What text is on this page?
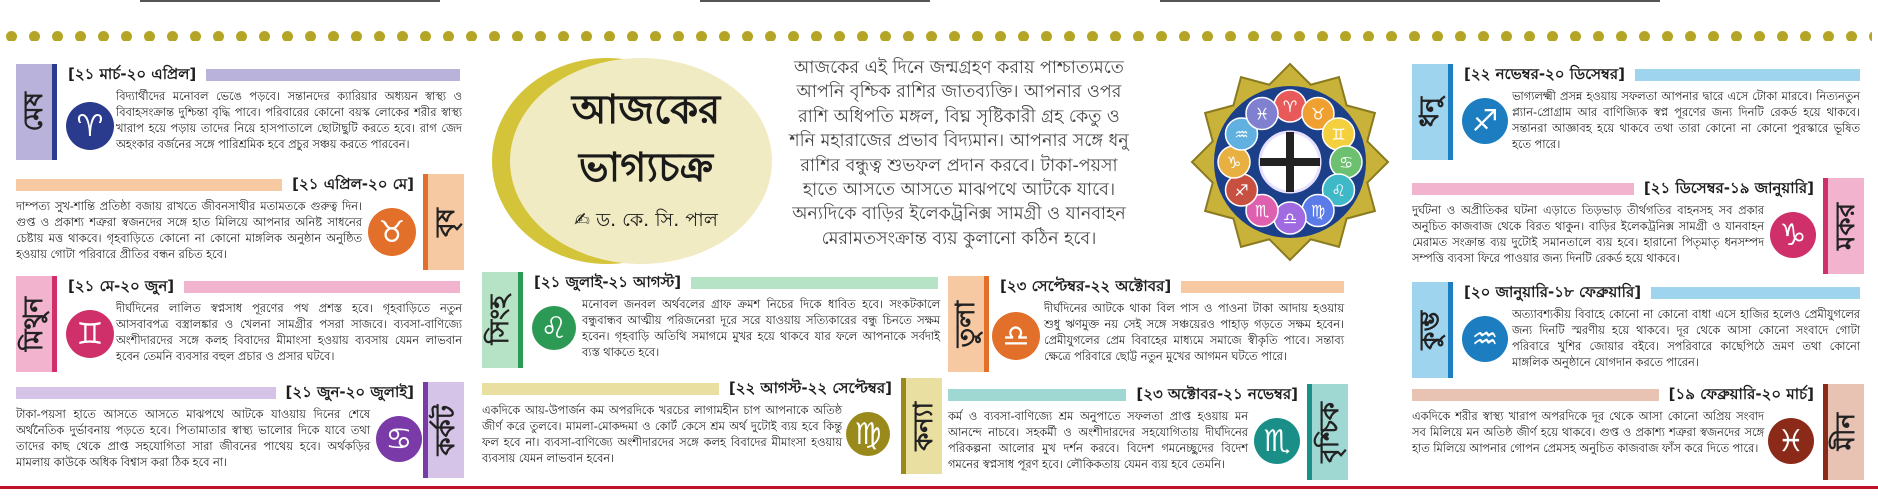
আজকের
ভাগ্যচক্র
✍ ড. কে. সি. পাল
আজকের এই দিনে জন্মগ্রহণ করায় পাশ্চাত্যমতে আপনি বৃশ্চিক রাশির জাতব্যক্তি। আপনার ওপর রাশি অধিপতি মঙ্গল, বিঘ্ন সৃষ্টিকারী গ্রহ কেতু ও শনি মহারাজের প্রভাব বিদ্যমান। আপনার সঙ্গে ধনু রাশির বন্ধুত্ব শুভফল প্রদান করবে। টাকা-পয়সা হাতে আসতে আসতে মাঝপথে আটকে যাবে। অন্যদিকে বাড়ির ইলেকট্রনিক্স সামগ্রী ও যানবাহন মেরামতসংক্রান্ত ব্যয় কুলানো কঠিন হবে।
♈ ♉
♊
♋
♌
♍
♎
♏
♐
♑
♒
♓
মেষ
[২১ মার্চ-২০ এপ্রিল]
♈
বিদ্যার্থীদের মনোবল ভেঙে পড়বে। সন্তানদের ক্যারিয়ার অধ্যয়ন স্বাস্থ্য ও বিবাহসংক্রান্ত দুশ্চিন্তা বৃদ্ধি পাবে। পরিবারের কোনো বয়স্ক লোকের শরীর স্বাস্থ্য খারাপ হয়ে পড়ায় তাদের নিয়ে হাসপাতালে ছোটাছুটি করতে হবে। রাগ জেদ অহংকার বর্জনের সঙ্গে পারিশ্রমিক হবে প্রচুর সঞ্চয় করতে পারবেন।
বৃষ
[২১ এপ্রিল-২০ মে]
♉
দাম্পত্য সুখ-শান্তি প্রতিষ্ঠা বজায় রাখতে জীবনসাথীর মতামতকে গুরুত্ব দিন। গুপ্ত ও প্রকাশ্য শত্রুরা স্বজনদের সঙ্গে হাত মিলিয়ে আপনার অনিষ্ট সাধনের চেষ্টায় মত্ত থাকবে। গৃহবাড়িতে কোনো না কোনো মাঙ্গলিক অনুষ্ঠান অনুষ্ঠিত হওয়ায় গোটা পরিবারে প্রীতির বন্ধন রচিত হবে।
মিথুন
[২১ মে-২০ জুন]
♊
দীর্ঘদিনের লালিত স্বপ্নসাধ পূরণের পথ প্রশস্ত হবে। গৃহবাড়িতে নতুন আসবাবপত্র বস্ত্রালঙ্কার ও খেলনা সামগ্রীর পসরা সাজবে। ব্যবসা-বাণিজ্যে অংশীদারদের সঙ্গে কলহ বিবাদের মীমাংসা হওয়ায় ব্যবসায় যেমন লাভবান হবেন তেমনি ব্যবসার বহুল প্রচার ও প্রসার ঘটবে।
কর্কট
[২১ জুন-২০ জুলাই]
♋
টাকা-পয়সা হাতে আসতে আসতে মাঝপথে আটকে যাওয়ায় দিনের শেষে অর্থনৈতিক দুর্ভাবনায় পড়তে হবে। পিতামাতার স্বাস্থ্য ভালোর দিকে যাবে তথা তাদের কাছ থেকে প্রাপ্ত সহযোগিতা সারা জীবনের পাথেয় হবে। অর্থকড়ির মামলায় কাউকে অধিক বিশ্বাস করা ঠিক হবে না।
সিংহ
[২১ জুলাই-২১ আগস্ট]
♌
মনোবল জনবল অর্থবলের গ্রাফ ক্রমশ নিচের দিকে ধাবিত হবে। সংকটকালে বন্ধুবান্ধব আত্মীয় পরিজনেরা দূরে সরে যাওয়ায় সত্যিকারের বন্ধু চিনতে সক্ষম হবেন। গৃহবাড়ি অতিথি সমাগমে মুখর হয়ে থাকবে যার ফলে আপনাকে সর্বদাই ব্যস্ত থাকতে হবে।
কন্যা
[২২ আগস্ট-২২ সেপ্টেম্বর]
♍
একদিকে আয়-উপার্জন কম অপরদিকে খরচের লাগামহীন চাপ আপনাকে অতিষ্ঠ জীর্ণ করে তুলবে। মামলা-মোকদ্দমা ও কোর্ট কেসে শ্রম অর্থ দুটোই ব্যয় হবে কিন্তু ফল হবে না। ব্যবসা-বাণিজ্যে অংশীদারদের সঙ্গে কলহ বিবাদের মীমাংসা হওয়ায় ব্যবসায় যেমন লাভবান হবেন।
তুলা
[২৩ সেপ্টেম্বর-২২ অক্টোবর]
♎
দীর্ঘদিনের আটকে থাকা বিল পাস ও পাওনা টাকা আদায় হওয়ায় শুধু ঋণমুক্ত নয় সেই সঙ্গে সঞ্চয়েরও পাহাড় গড়তে সক্ষম হবেন। প্রেমীযুগলের প্রেম বিবাহের মাধ্যমে সমাজে স্বীকৃতি পাবে। সন্তাব্য ক্ষেত্রে পরিবারে ছোট্ট নতুন মুখের আগমন ঘটতে পারে।
বৃশ্চিক
[২৩ অক্টোবর-২১ নভেম্বর]
♏
কর্ম ও ব্যবসা-বাণিজ্যে শ্রম অনুপাতে সফলতা প্রাপ্ত হওয়ায় মন আনন্দে নাচবে। সহকর্মী ও অংশীদারদের সহযোগিতায় দীর্ঘদিনের পরিকল্পনা আলোর মুখ দর্শন করবে। বিদেশ গমনেচ্ছুদের বিদেশ গমনের স্বপ্নসাধ পূরণ হবে। লৌকিকতায় যেমন ব্যয় হবে তেমনি।
ধনু
[২২ নভেম্বর-২০ ডিসেম্বর]
♐
ভাগ্যলক্ষ্মী প্রসন্ন হওয়ায় সফলতা আপনার দ্বারে এসে টোকা মারবে। নিত্যনতুন প্ল্যান-প্রোগ্রাম আর বাণিজ্যিক স্বপ্ন পূরণের জন্য দিনটি রেকর্ড হয়ে থাকবে। সন্তানরা আজ্ঞাবহ হয়ে থাকবে তথা তারা কোনো না কোনো পুরস্কারে ভূষিত হতে পারে।
মকর
[২১ ডিসেম্বর-১৯ জানুয়ারি]
♑
দুর্ঘটনা ও অপ্রীতিকর ঘটনা এড়াতে তিড়ভাড় তীর্থগতির বাহনসহ সব প্রকার অনুচিত কাজবাজ থেকে বিরত থাকুন। বাড়ির ইলেকট্রনিক্স সামগ্রী ও যানবাহন মেরামত সংক্রান্ত ব্যয় দুটোই সমানতালে ব্যয় হবে। হারানো পিতৃমাতৃ ধনসম্পদ সম্পত্তি ব্যবসা ফিরে পাওয়ার জন্য দিনটি রেকর্ড হয়ে থাকবে।
কুম্ভ
[২০ জানুয়ারি-১৮ ফেব্রুয়ারি]
♒
অত্যাবশ্যকীয় বিবাহে কোনো না কোনো বাধা এসে হাজির হলেও প্রেমীযুগলের জন্য দিনটি স্মরণীয় হয়ে থাকবে। দূর থেকে আসা কোনো সংবাদে গোটা পরিবারে খুশির জোয়ার বইবে। সপরিবারে কাছেপিঠে ভ্রমণ তথা কোনো মাঙ্গলিক অনুষ্ঠানে যোগদান করতে পারেন।
মীন
[১৯ ফেব্রুয়ারি-২০ মার্চ]
♓
একদিকে শরীর স্বাস্থ্য খারাপ অপরদিকে দূর থেকে আসা কোনো অপ্রিয় সংবাদ সব মিলিয়ে মন অতিষ্ঠ জীর্ণ হয়ে থাকবে। গুপ্ত ও প্রকাশ্য শত্রুরা স্বজনদের সঙ্গে হাত মিলিয়ে আপনার গোপন প্রেমসহ অনুচিত কাজবাজ ফাঁস করে দিতে পারে।
